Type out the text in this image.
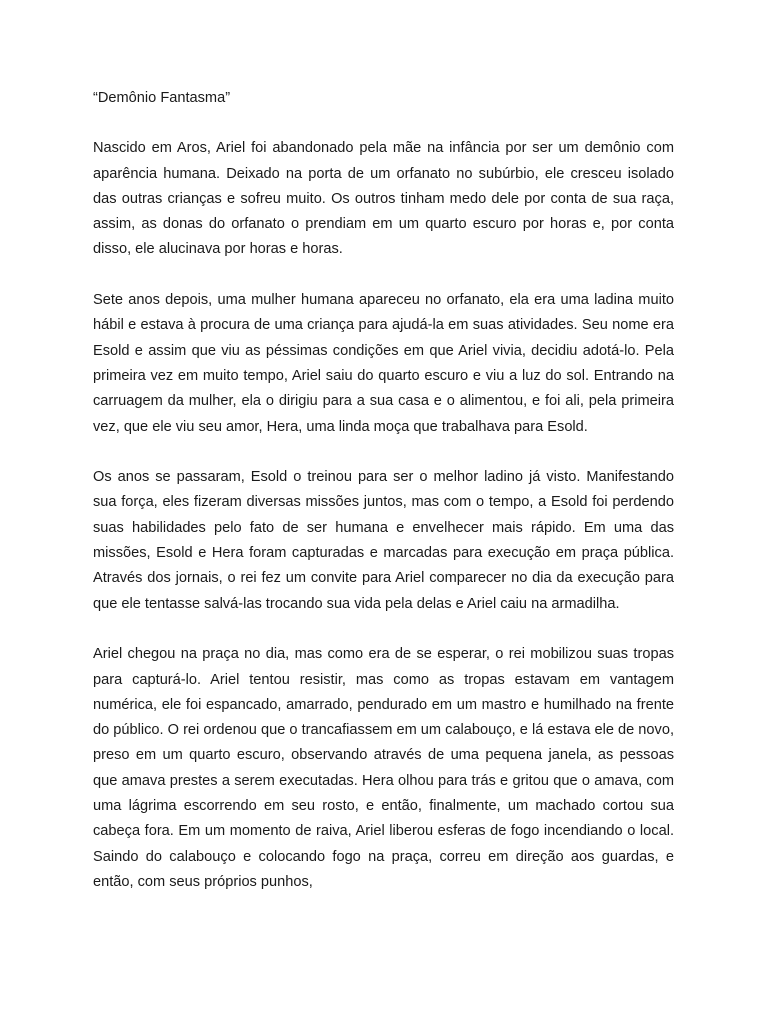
“Demônio Fantasma”

Nascido em Aros, Ariel foi abandonado pela mãe na infância por ser um demônio com aparência humana. Deixado na porta de um orfanato no subúrbio, ele cresceu isolado das outras crianças e sofreu muito. Os outros tinham medo dele por conta de sua raça, assim, as donas do orfanato o prendiam em um quarto escuro por horas e, por conta disso, ele alucinava por horas e horas.

Sete anos depois, uma mulher humana apareceu no orfanato, ela era uma ladina muito hábil e estava à procura de uma criança para ajudá-la em suas atividades. Seu nome era Esold e assim que viu as péssimas condições em que Ariel vivia, decidiu adotá-lo. Pela primeira vez em muito tempo, Ariel saiu do quarto escuro e viu a luz do sol. Entrando na carruagem da mulher, ela o dirigiu para a sua casa e o alimentou, e foi ali, pela primeira vez, que ele viu seu amor, Hera, uma linda moça que trabalhava para Esold.

Os anos se passaram, Esold o treinou para ser o melhor ladino já visto. Manifestando sua força, eles fizeram diversas missões juntos, mas com o tempo, a Esold foi perdendo suas habilidades pelo fato de ser humana e envelhecer mais rápido. Em uma das missões, Esold e Hera foram capturadas e marcadas para execução em praça pública. Através dos jornais, o rei fez um convite para Ariel comparecer no dia da execução para que ele tentasse salvá-las trocando sua vida pela delas e Ariel caiu na armadilha.

Ariel chegou na praça no dia, mas como era de se esperar, o rei mobilizou suas tropas para capturá-lo. Ariel tentou resistir, mas como as tropas estavam em vantagem numérica, ele foi espancado, amarrado, pendurado em um mastro e humilhado na frente do público. O rei ordenou que o trancafiassem em um calabouço, e lá estava ele de novo, preso em um quarto escuro, observando através de uma pequena janela, as pessoas que amava prestes a serem executadas. Hera olhou para trás e gritou que o amava, com uma lágrima escorrendo em seu rosto, e então, finalmente, um machado cortou sua cabeça fora. Em um momento de raiva, Ariel liberou esferas de fogo incendiando o local. Saindo do calabouço e colocando fogo na praça, correu em direção aos guardas, e então, com seus próprios punhos,
